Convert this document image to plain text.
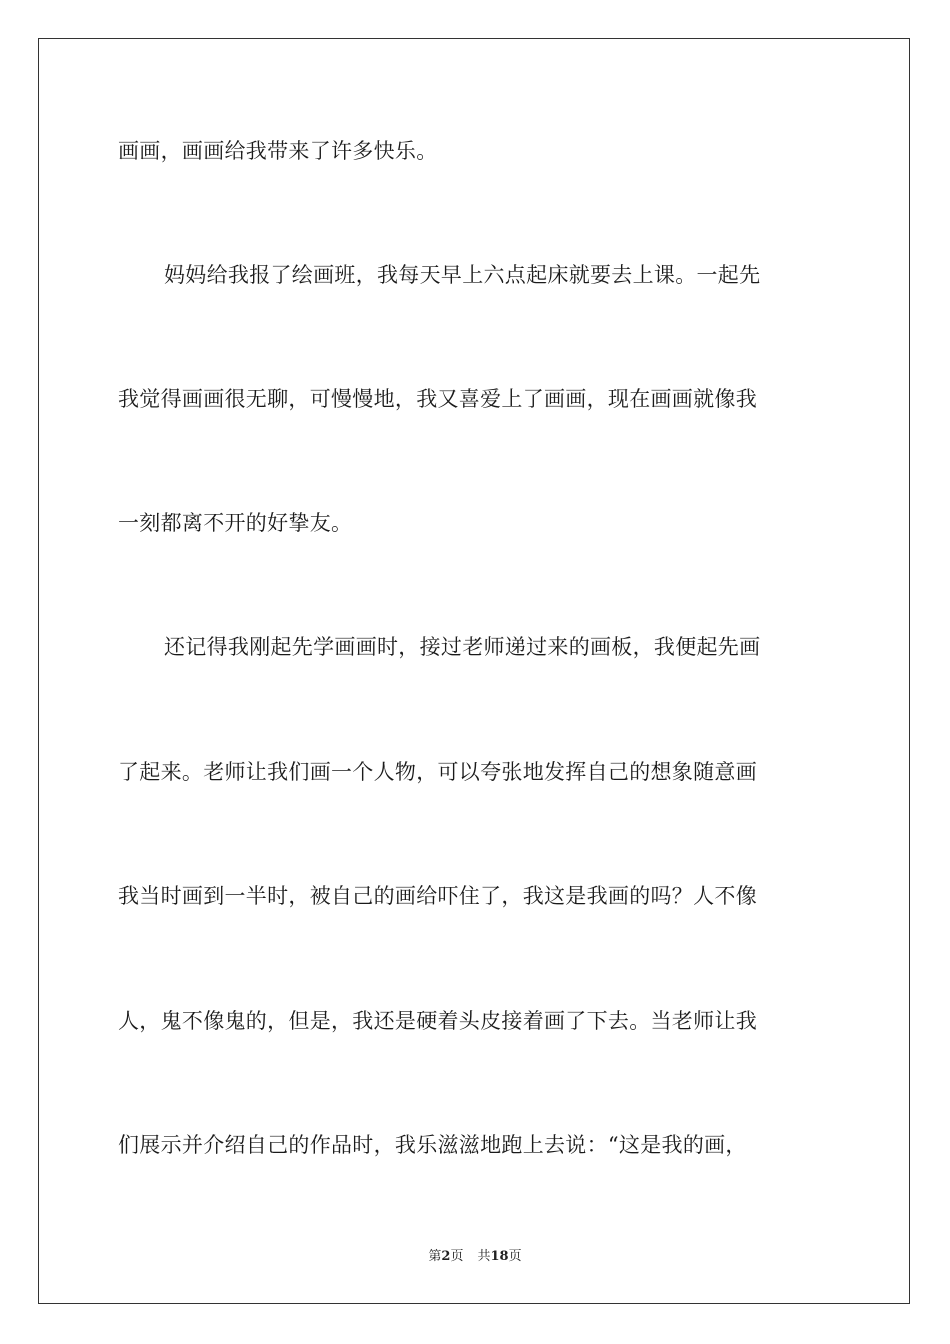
画画，画画给我带来了许多快乐。
妈妈给我报了绘画班，我每天早上六点起床就要去上课。一起先
我觉得画画很无聊，可慢慢地，我又喜爱上了画画，现在画画就像我
一刻都离不开的好挚友。
还记得我刚起先学画画时，接过老师递过来的画板，我便起先画
了起来。老师让我们画一个人物，可以夸张地发挥自己的想象随意画
我当时画到一半时，被自己的画给吓住了，我这是我画的吗？人不像
人，鬼不像鬼的，但是，我还是硬着头皮接着画了下去。当老师让我
们展示并介绍自己的作品时，我乐滋滋地跑上去说：“这是我的画，
第2页 共18页
